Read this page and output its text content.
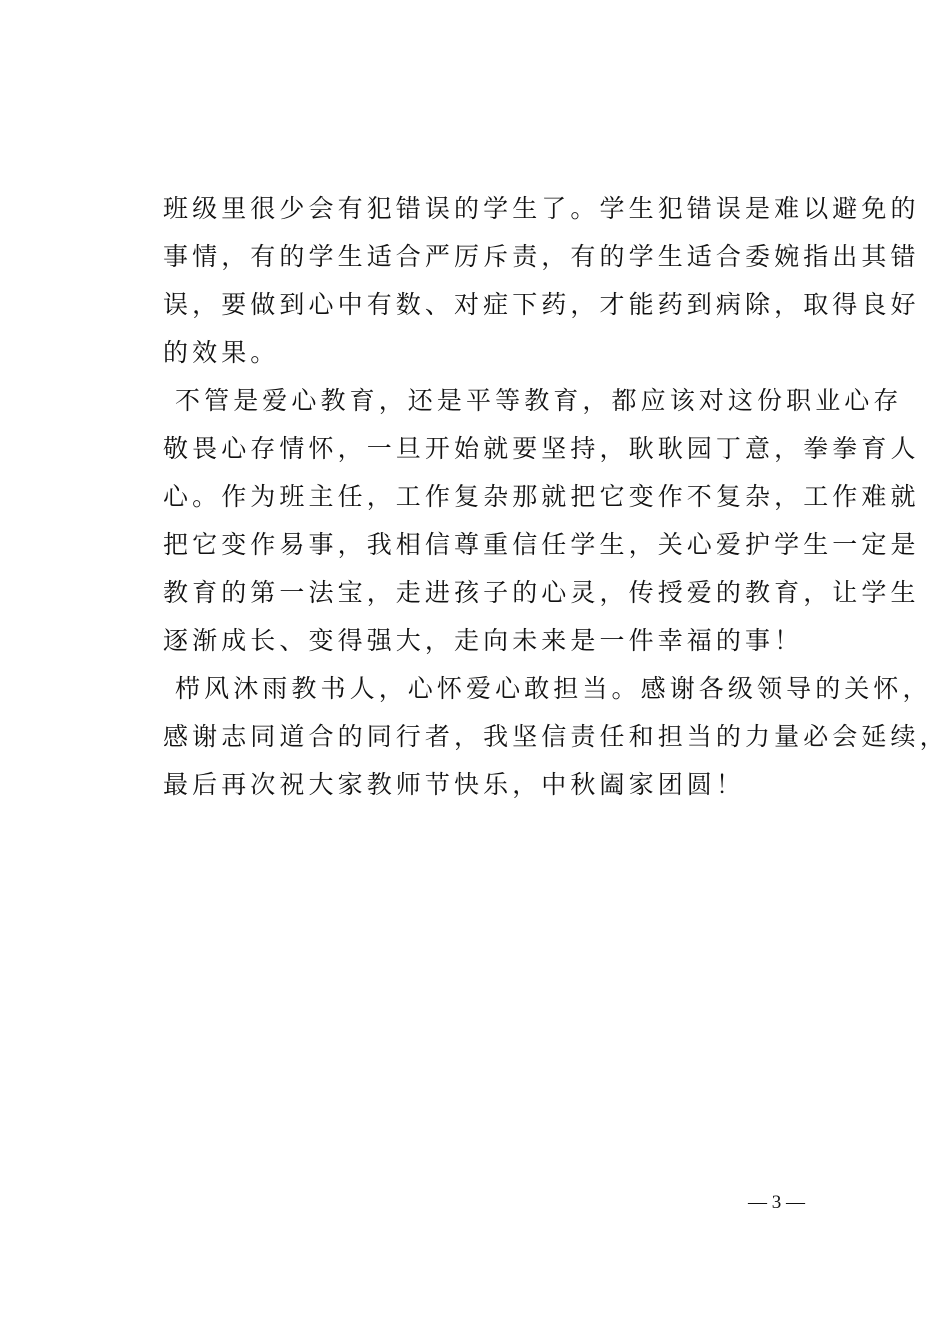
班级里很少会有犯错误的学生了。学生犯错误是难以避免的
事情，有的学生适合严厉斥责，有的学生适合委婉指出其错
误，要做到心中有数、对症下药，才能药到病除，取得良好
的效果。
不管是爱心教育，还是平等教育，都应该对这份职业心存
敬畏心存情怀，一旦开始就要坚持，耿耿园丁意，拳拳育人
心。作为班主任，工作复杂那就把它变作不复杂，工作难就
把它变作易事，我相信尊重信任学生，关心爱护学生一定是
教育的第一法宝，走进孩子的心灵，传授爱的教育，让学生
逐渐成长、变得强大，走向未来是一件幸福的事！
栉风沐雨教书人，心怀爱心敢担当。感谢各级领导的关怀，
感谢志同道合的同行者，我坚信责任和担当的力量必会延续，
最后再次祝大家教师节快乐，中秋阖家团圆！
— 3 —
